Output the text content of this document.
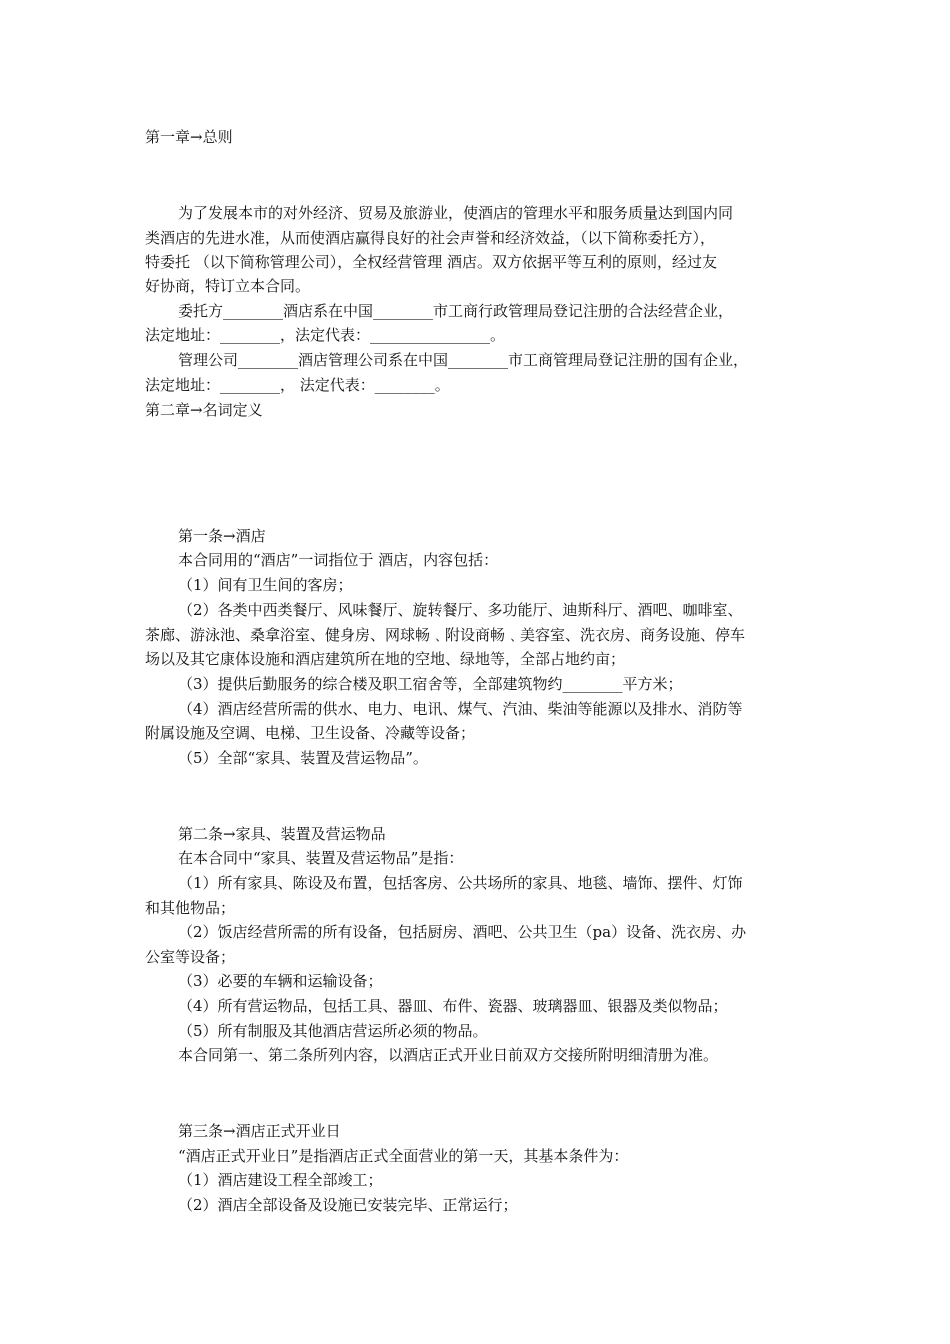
第一章→总则
为了发展本市的对外经济、贸易及旅游业，使酒店的管理水平和服务质量达到国内同
类酒店的先进水准，从而使酒店赢得良好的社会声誉和经济效益，（以下简称委托方），
特委托 （以下简称管理公司），全权经营管理 酒店。双方依据平等互利的原则，经过友
好协商，特订立本合同。
委托方________酒店系在中国________市工商行政管理局登记注册的合法经营企业，
法定地址：________，法定代表：________________。
管理公司________酒店管理公司系在中国________市工商管理局登记注册的国有企业，
法定地址：________， 法定代表：________。
第二章→名词定义
第一条→酒店
本合同用的“酒店”一词指位于 酒店，内容包括：
（1）间有卫生间的客房；
（2）各类中西类餐厅、风味餐厅、旋转餐厅、多功能厅、迪斯科厅、酒吧、咖啡室、
茶廊、游泳池、桑拿浴室、健身房、网球畅﹑附设商畅﹑美容室、洗衣房、商务设施、停车
场以及其它康体设施和酒店建筑所在地的空地、绿地等，全部占地约亩；
（3）提供后勤服务的综合楼及职工宿舍等，全部建筑物约________平方米；
（4）酒店经营所需的供水、电力、电讯、煤气、汽油、柴油等能源以及排水、消防等
附属设施及空调、电梯、卫生设备、冷藏等设备；
（5）全部“家具、装置及营运物品”。
第二条→家具、装置及营运物品
在本合同中“家具、装置及营运物品”是指：
（1）所有家具、陈设及布置，包括客房、公共场所的家具、地毯、墙饰、摆件、灯饰
和其他物品；
（2）饭店经营所需的所有设备，包括厨房、酒吧、公共卫生（pa）设备、洗衣房、办
公室等设备；
（3）必要的车辆和运输设备；
（4）所有营运物品，包括工具、器皿、布件、瓷器、玻璃器皿、银器及类似物品；
（5）所有制服及其他酒店营运所必须的物品。
本合同第一、第二条所列内容，以酒店正式开业日前双方交接所附明细清册为准。
第三条→酒店正式开业日
“酒店正式开业日”是指酒店正式全面营业的第一天，其基本条件为：
（1）酒店建设工程全部竣工；
（2）酒店全部设备及设施已安装完毕、正常运行；
